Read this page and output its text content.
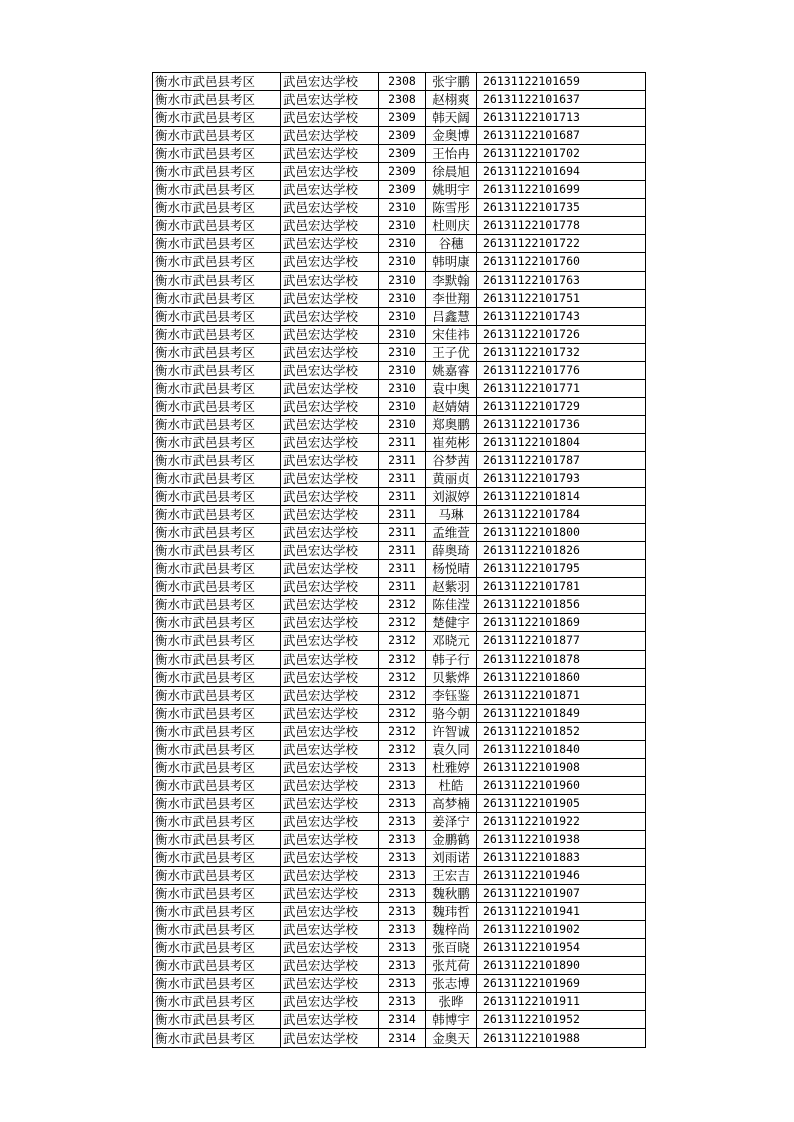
衡水市武邑县考区	武邑宏达学校	2308	张宇鹏	26131122101659
衡水市武邑县考区	武邑宏达学校	2308	赵栩爽	26131122101637
衡水市武邑县考区	武邑宏达学校	2309	韩天阔	26131122101713
衡水市武邑县考区	武邑宏达学校	2309	金奥博	26131122101687
衡水市武邑县考区	武邑宏达学校	2309	王怡冉	26131122101702
衡水市武邑县考区	武邑宏达学校	2309	徐晨旭	26131122101694
衡水市武邑县考区	武邑宏达学校	2309	姚明宇	26131122101699
衡水市武邑县考区	武邑宏达学校	2310	陈雪彤	26131122101735
衡水市武邑县考区	武邑宏达学校	2310	杜则庆	26131122101778
衡水市武邑县考区	武邑宏达学校	2310	谷穗	26131122101722
衡水市武邑县考区	武邑宏达学校	2310	韩明康	26131122101760
衡水市武邑县考区	武邑宏达学校	2310	李默翰	26131122101763
衡水市武邑县考区	武邑宏达学校	2310	李世翔	26131122101751
衡水市武邑县考区	武邑宏达学校	2310	吕鑫慧	26131122101743
衡水市武邑县考区	武邑宏达学校	2310	宋佳祎	26131122101726
衡水市武邑县考区	武邑宏达学校	2310	王子优	26131122101732
衡水市武邑县考区	武邑宏达学校	2310	姚嘉睿	26131122101776
衡水市武邑县考区	武邑宏达学校	2310	袁中奥	26131122101771
衡水市武邑县考区	武邑宏达学校	2310	赵婧婧	26131122101729
衡水市武邑县考区	武邑宏达学校	2310	郑奥鹏	26131122101736
衡水市武邑县考区	武邑宏达学校	2311	崔苑彬	26131122101804
衡水市武邑县考区	武邑宏达学校	2311	谷梦茜	26131122101787
衡水市武邑县考区	武邑宏达学校	2311	黄丽贞	26131122101793
衡水市武邑县考区	武邑宏达学校	2311	刘淑婷	26131122101814
衡水市武邑县考区	武邑宏达学校	2311	马琳	26131122101784
衡水市武邑县考区	武邑宏达学校	2311	孟维萱	26131122101800
衡水市武邑县考区	武邑宏达学校	2311	薛奥琦	26131122101826
衡水市武邑县考区	武邑宏达学校	2311	杨悦晴	26131122101795
衡水市武邑县考区	武邑宏达学校	2311	赵紫羽	26131122101781
衡水市武邑县考区	武邑宏达学校	2312	陈佳滢	26131122101856
衡水市武邑县考区	武邑宏达学校	2312	楚健宇	26131122101869
衡水市武邑县考区	武邑宏达学校	2312	邓晓元	26131122101877
衡水市武邑县考区	武邑宏达学校	2312	韩子行	26131122101878
衡水市武邑县考区	武邑宏达学校	2312	贝紫烨	26131122101860
衡水市武邑县考区	武邑宏达学校	2312	李钰鉴	26131122101871
衡水市武邑县考区	武邑宏达学校	2312	骆今朝	26131122101849
衡水市武邑县考区	武邑宏达学校	2312	许智诚	26131122101852
衡水市武邑县考区	武邑宏达学校	2312	袁久同	26131122101840
衡水市武邑县考区	武邑宏达学校	2313	杜雅婷	26131122101908
衡水市武邑县考区	武邑宏达学校	2313	杜皓	26131122101960
衡水市武邑县考区	武邑宏达学校	2313	高梦楠	26131122101905
衡水市武邑县考区	武邑宏达学校	2313	姜泽宁	26131122101922
衡水市武邑县考区	武邑宏达学校	2313	金鹏鹤	26131122101938
衡水市武邑县考区	武邑宏达学校	2313	刘雨诺	26131122101883
衡水市武邑县考区	武邑宏达学校	2313	王宏吉	26131122101946
衡水市武邑县考区	武邑宏达学校	2313	魏秋鹏	26131122101907
衡水市武邑县考区	武邑宏达学校	2313	魏玮哲	26131122101941
衡水市武邑县考区	武邑宏达学校	2313	魏梓尚	26131122101902
衡水市武邑县考区	武邑宏达学校	2313	张百晓	26131122101954
衡水市武邑县考区	武邑宏达学校	2313	张芃荷	26131122101890
衡水市武邑县考区	武邑宏达学校	2313	张志博	26131122101969
衡水市武邑县考区	武邑宏达学校	2313	张晔	26131122101911
衡水市武邑县考区	武邑宏达学校	2314	韩博宇	26131122101952
衡水市武邑县考区	武邑宏达学校	2314	金奥天	26131122101988
